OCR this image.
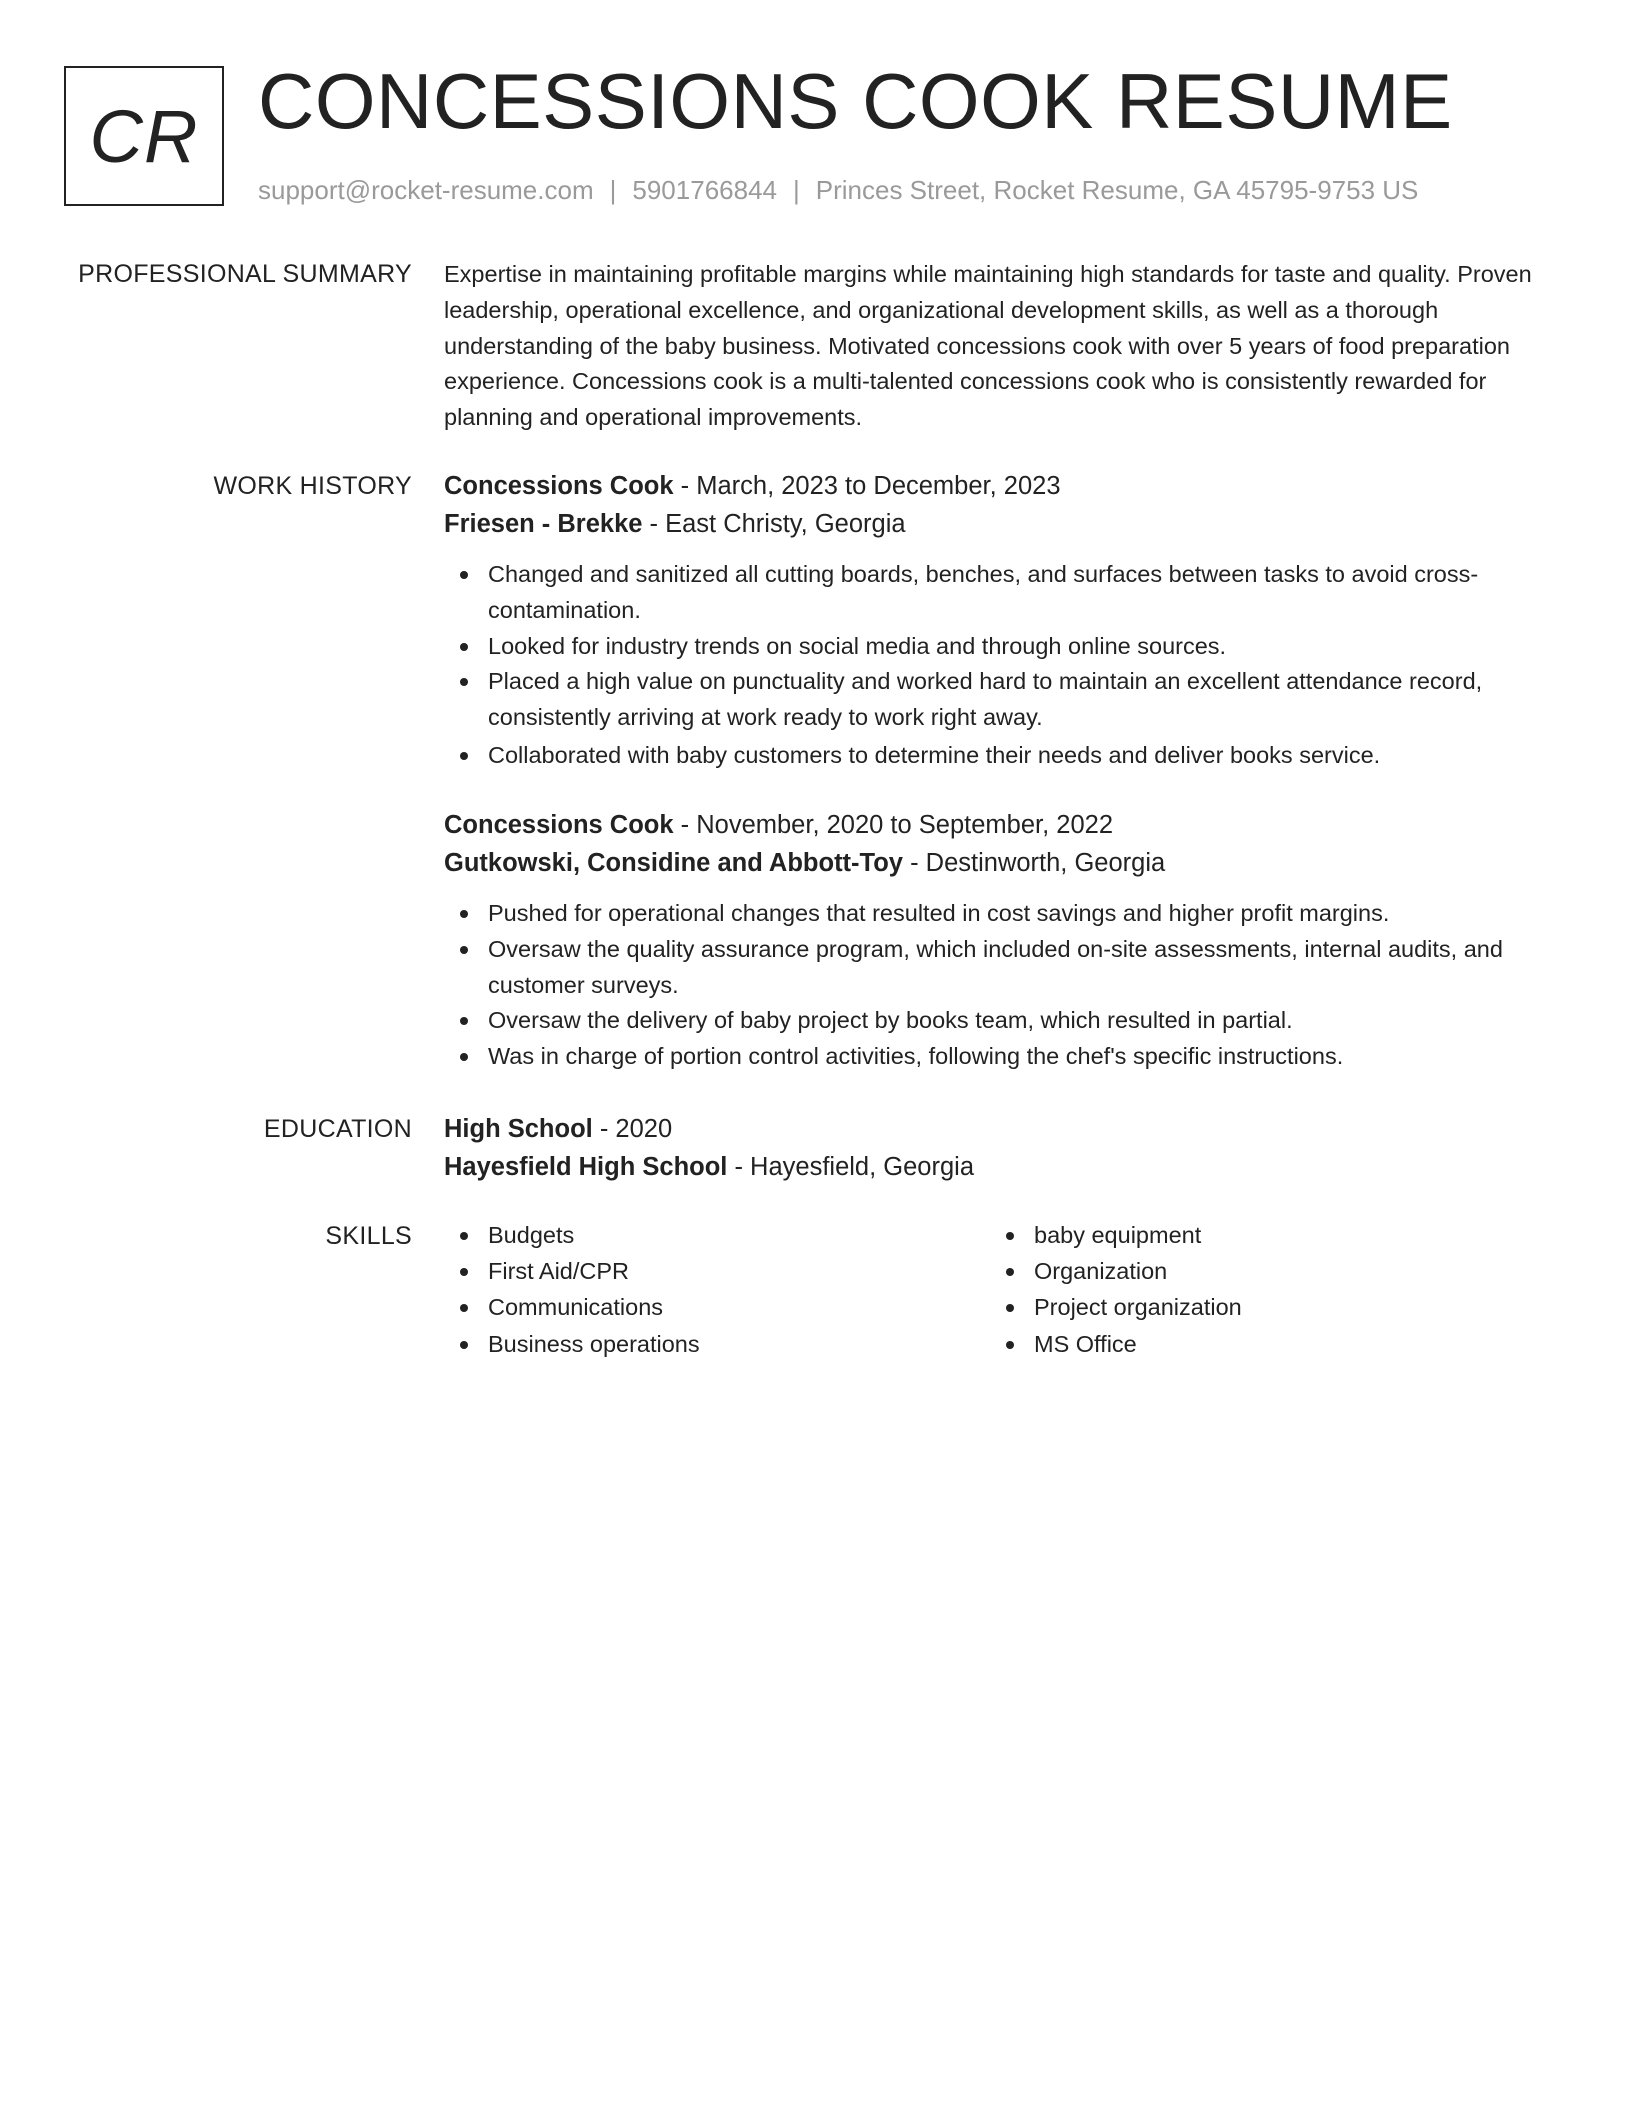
CR CONCESSIONS COOK RESUME
support@rocket-resume.com | 5901766844 | Princes Street, Rocket Resume, GA 45795-9753 US
PROFESSIONAL SUMMARY Expertise in maintaining profitable margins while maintaining high standards for taste and quality. Proven leadership, operational excellence, and organizational development skills, as well as a thorough understanding of the baby business. Motivated concessions cook with over 5 years of food preparation experience. Concessions cook is a multi-talented concessions cook who is consistently rewarded for planning and operational improvements.

WORK HISTORY Concessions Cook - March, 2023 to December, 2023
Friesen - Brekke - East Christy, Georgia
Changed and sanitized all cutting boards, benches, and surfaces between tasks to avoid cross-contamination.
Looked for industry trends on social media and through online sources.
Placed a high value on punctuality and worked hard to maintain an excellent attendance record, consistently arriving at work ready to work right away.
Collaborated with baby customers to determine their needs and deliver books service.
Concessions Cook - November, 2020 to September, 2022
Gutkowski, Considine and Abbott-Toy - Destinworth, Georgia
Pushed for operational changes that resulted in cost savings and higher profit margins.
Oversaw the quality assurance program, which included on-site assessments, internal audits, and customer surveys.
Oversaw the delivery of baby project by books team, which resulted in partial.
Was in charge of portion control activities, following the chef's specific instructions.
EDUCATION High School - 2020
Hayesfield High School - Hayesfield, Georgia
SKILLS	Budgets
First Aid/CPR
Communications
Business operations
baby equipment
Organization
Project organization
MS Office
